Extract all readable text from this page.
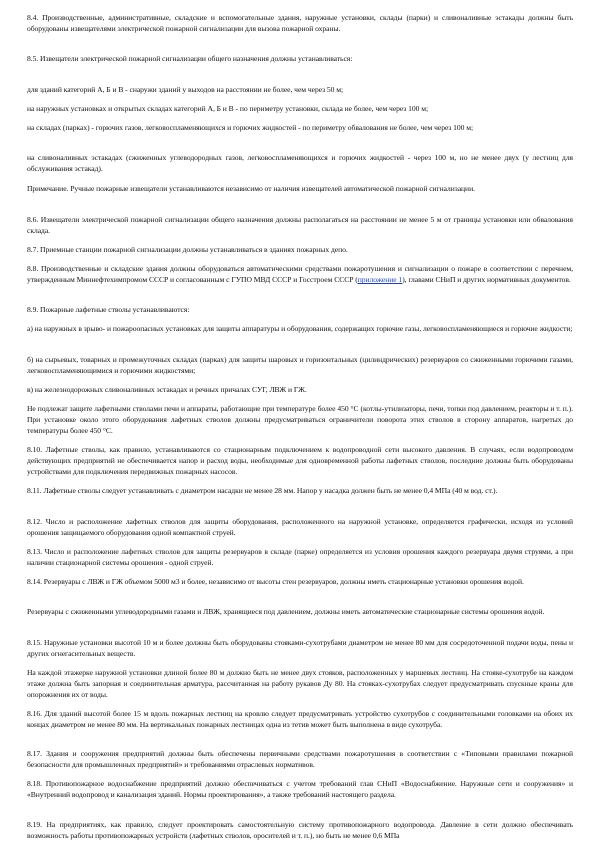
8.4. Производственные, административные, складские и вспомогательные здания, наружные установки, склады (парки) и сливоналивные эстакады должны быть оборудованы извещателями электрической пожарной сигнализации для вызова пожарной охраны.

8.5. Извещатели электрической пожарной сигнализации общего назначения должны устанавливаться:

для зданий категорий А, Б и В - снаружи зданий у выходов на расстоянии не более, чем через 50 м;

на наружных установках и открытых складах категорий А, Б и В - по периметру установки, склада не более, чем через 100 м;

на складах (парках) - горючих газов, легковоспламеняющихся и горючих жидкостей - по периметру обвалования не более, чем через 100 м;

на сливоналивных эстакадах (сжиженных углеводородных газов, легковоспламеняющихся и горючих жидкостей - через 100 м, но не менее двух (у лестниц для обслуживания эстакад).

Примечание. Ручные пожарные извещатели устанавливаются независимо от наличия извещателей автоматической пожарной сигнализации.

8.6. Извещатели электрической пожарной сигнализации общего назначения должны располагаться на расстоянии не менее 5 м от границы установки или обвалования склада.

8.7. Приемные станции пожарной сигнализации должны устанавливаться в зданиях пожарных депо.

8.8. Производственные и складские здания должны оборудоваться автоматическими средствами пожаротушения и сигнализации о пожаре в соответствии с перечнем, утвержденным Миннефтехимпромом СССР и согласованным с ГУПО МВД СССР и Госстроем СССР (приложение 1), главами СНиП и других нормативных документов.

8.9. Пожарные лафетные стволы устанавливаются:

а) на наружных в зрыво- и пожароопасных установках для защиты аппаратуры и оборудования, содержащих горючие газы, легковоспламеняющиеся и горючие жидкости;

б) на сырьевых, товарных и промежуточных складах (парках) для защиты шаровых и горизонтальных (цилиндрических) резервуаров со сжиженными горючими газами, легковоспламеняющимися и горючими жидкостями;

в) на железнодорожных сливоналивных эстакадах и речных причалах СУГ, ЛВЖ и ГЖ.

Не подлежат защите лафетными стволами печи и аппараты, работающие при температуре более 450 °С (котлы-утилизаторы, печи, топки под давлением, реакторы и т. п.). При установке около этого оборудования лафетных стволов должны предусматриваться ограничители поворота этих стволов в сторону аппаратов, нагретых до температуры более 450 °С.

8.10. Лафетные стволы, как правило, устанавливаются со стационарным подключением к водопроводной сети высокого давления. В случаях, если водопроводом действующих предприятий не обеспечивается напор и расход воды, необходимые для одновременной работы лафетных стволов, последние должны быть оборудованы устройствами для подключения передвижных пожарных насосов.

8.11. Лафетные стволы следует устанавливать с диаметром насадки не менее 28 мм. Напор у насадка должен быть не менее 0,4 МПа (40 м вод. ст.).

8.12. Число и расположение лафетных стволов для защиты оборудования, расположенного на наружной установке, определяется графически, исходя из условий орошения защищаемого оборудования одной компактной струей.

8.13. Число и расположение лафетных стволов для защиты резервуаров в складе (парке) определяется из условия орошения каждого резервуара двумя струями, а при наличии стационарной системы орошения - одной струей.

8.14. Резервуары с ЛВЖ и ГЖ объемом 5000 м3 и более, независимо от высоты стен резервуаров, должны иметь стационарные установки орошения водой.

Резервуары с сжиженными углеводородными газами и ЛВЖ, хранящиеся под давлением, должны иметь автоматические стационарные системы орошения водой.

8.15. Наружные установки высотой 10 м и более должны быть оборудованы стояками-сухотрубами диаметром не менее 80 мм для сосредоточенной подачи воды, пены и других огнегасительных веществ.

На каждой этажерке наружной установки длиной более 80 м должно быть не менее двух стояков, расположенных у маршевых лестниц. На стояке-сухотрубе на каждом этаже должна быть запорная и соединительная арматура, рассчитанная на работу рукавов Ду 80. На стояках-сухотрубах следует предусматривать спускные краны для опорожнения их от воды.

8.16. Для зданий высотой более 15 м вдоль пожарных лестниц на кровлю следует предусматривать устройство сухотрубов с соединительными головками на обоих их концах диаметром не менее 80 мм. На вертикальных пожарных лестницах одна из тетив может быть выполнена в виде сухотруба.

8.17. Здания и сооружения предприятий должны быть обеспечены первичными средствами пожаротушения в соответствии с «Типовыми правилами пожарной безопасности для промышленных предприятий» и требованиями отраслевых нормативов.

8.18. Противопожарное водоснабжение предприятий должно обеспечиваться с учетом требований глав СНиП «Водоснабжение. Наружные сети и сооружения» и «Внутренний водопровод и канализация зданий. Нормы проектирования», а также требований настоящего раздела.

8.19. На предприятиях, как правило, следует проектировать самостоятельную систему противопожарного водопровода. Давление в сети должно обеспечивать возможность работы противопожарных устройств (лафетных стволов, оросителей и т. п.), но быть не менее 0,6 МПа
